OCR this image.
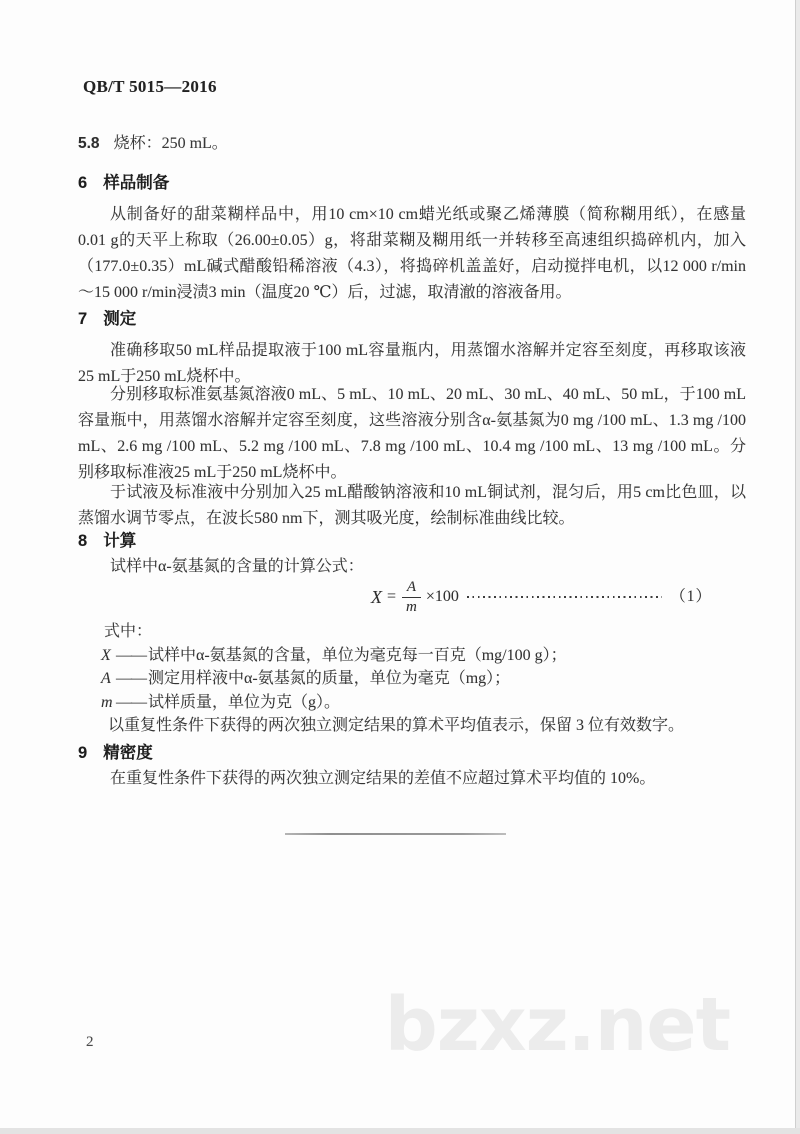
QB/T 5015—2016
5.8 烧杯：250 mL。
6 样品制备

从制备好的甜菜糊样品中，用10 cm×10 cm蜡光纸或聚乙烯薄膜（简称糊用纸），在感量0.01 g的天平上称取（26.00±0.05）g，将甜菜糊及糊用纸一并转移至高速组织捣碎机内，加入（177.0±0.35）mL碱式醋酸铅稀溶液（4.3），将捣碎机盖盖好，启动搅拌电机，以12 000 r/min～15 000 r/min浸渍3 min（温度20 ℃）后，过滤，取清澈的溶液备用。

7 测定

准确移取50 mL样品提取液于100 mL容量瓶内，用蒸馏水溶解并定容至刻度，再移取该液25 mL于250 mL烧杯中。

分别移取标准氨基氮溶液0 mL、5 mL、10 mL、20 mL、30 mL、40 mL、50 mL，于100 mL容量瓶中，用蒸馏水溶解并定容至刻度，这些溶液分别含α-氨基氮为0 mg /100 mL、1.3 mg /100 mL、2.6 mg /100 mL、5.2 mg /100 mL、7.8 mg /100 mL、10.4 mg /100 mL、13 mg /100 mL。分别移取标准液25 mL于250 mL烧杯中。

于试液及标准液中分别加入25 mL醋酸钠溶液和10 mL铜试剂，混匀后，用5 cm比色皿，以蒸馏水调节零点，在波长580 nm下，测其吸光度，绘制标准曲线比较。

8 计算

试样中α-氨基氮的含量的计算公式：

$X = \frac{A}{m} \times 100$	（1）

式中：

X —— 试样中α-氨基氮的含量，单位为毫克每一百克（mg/100 g）；
A —— 测定用样液中α-氨基氮的质量，单位为毫克（mg）；
m —— 试样质量，单位为克（g）。

以重复性条件下获得的两次独立测定结果的算术平均值表示，保留 3 位有效数字。

9 精密度

在重复性条件下获得的两次独立测定结果的差值不应超过算术平均值的 10%。

bzxz.net
2
